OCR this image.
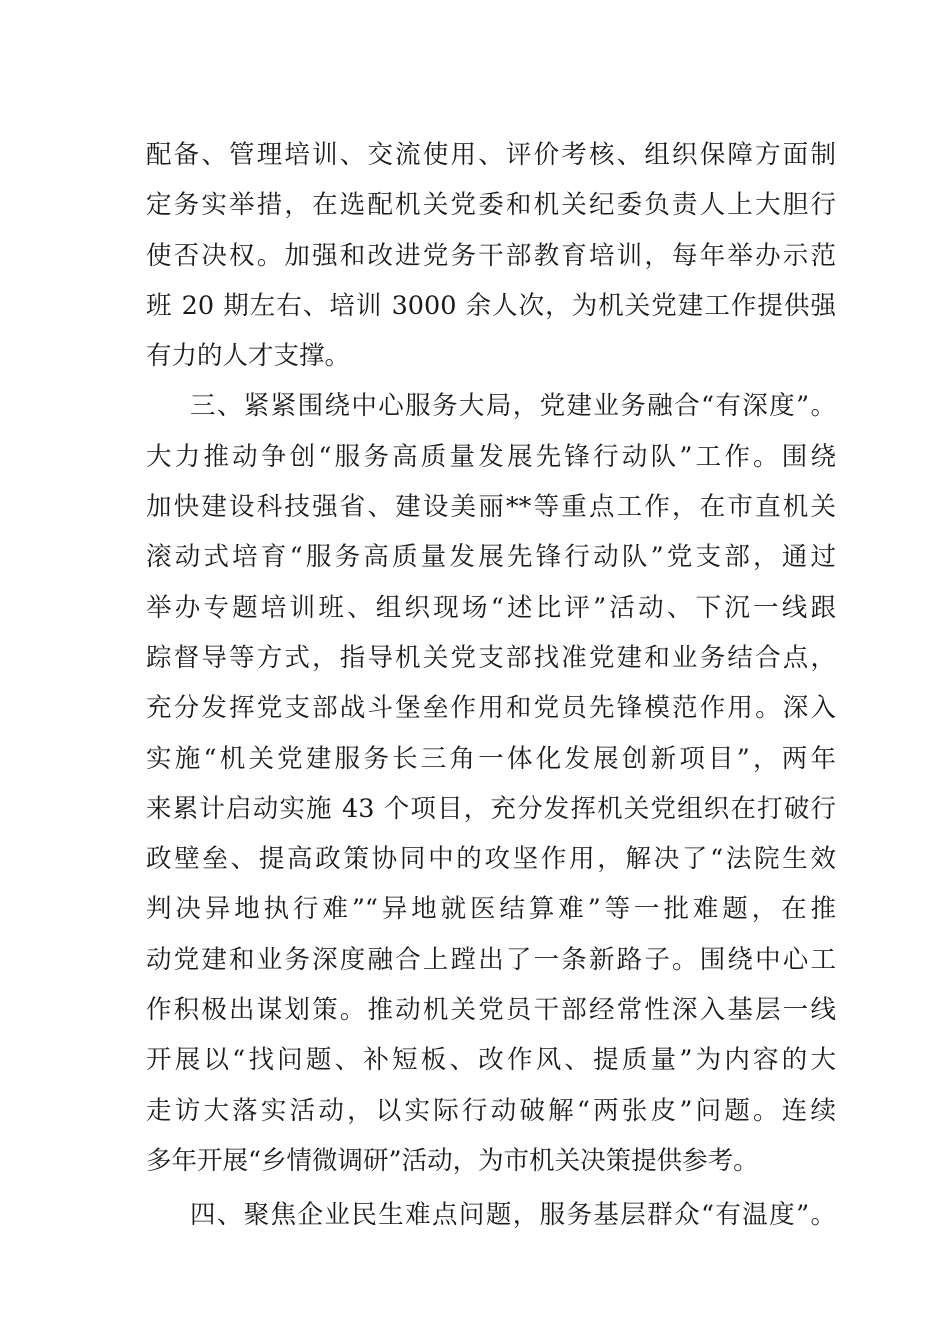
配备、管理培训、交流使用、评价考核、组织保障方面制
定务实举措，在选配机关党委和机关纪委负责人上大胆行
使否决权。加强和改进党务干部教育培训，每年举办示范
班 20 期左右、培训 3000 余人次，为机关党建工作提供强
有力的人才支撑。
三、紧紧围绕中心服务大局，党建业务融合“有深度”。
大力推动争创“服务高质量发展先锋行动队”工作。围绕
加快建设科技强省、建设美丽**等重点工作，在市直机关
滚动式培育“服务高质量发展先锋行动队”党支部，通过
举办专题培训班、组织现场“述比评”活动、下沉一线跟
踪督导等方式，指导机关党支部找准党建和业务结合点，
充分发挥党支部战斗堡垒作用和党员先锋模范作用。深入
实施“机关党建服务长三角一体化发展创新项目”，两年
来累计启动实施 43 个项目，充分发挥机关党组织在打破行
政壁垒、提高政策协同中的攻坚作用，解决了“法院生效
判决异地执行难”“异地就医结算难”等一批难题，在推
动党建和业务深度融合上蹚出了一条新路子。围绕中心工
作积极出谋划策。推动机关党员干部经常性深入基层一线
开展以“找问题、补短板、改作风、提质量”为内容的大
走访大落实活动，以实际行动破解“两张皮”问题。连续
多年开展“乡情微调研”活动，为市机关决策提供参考。
四、聚焦企业民生难点问题，服务基层群众“有温度”。
